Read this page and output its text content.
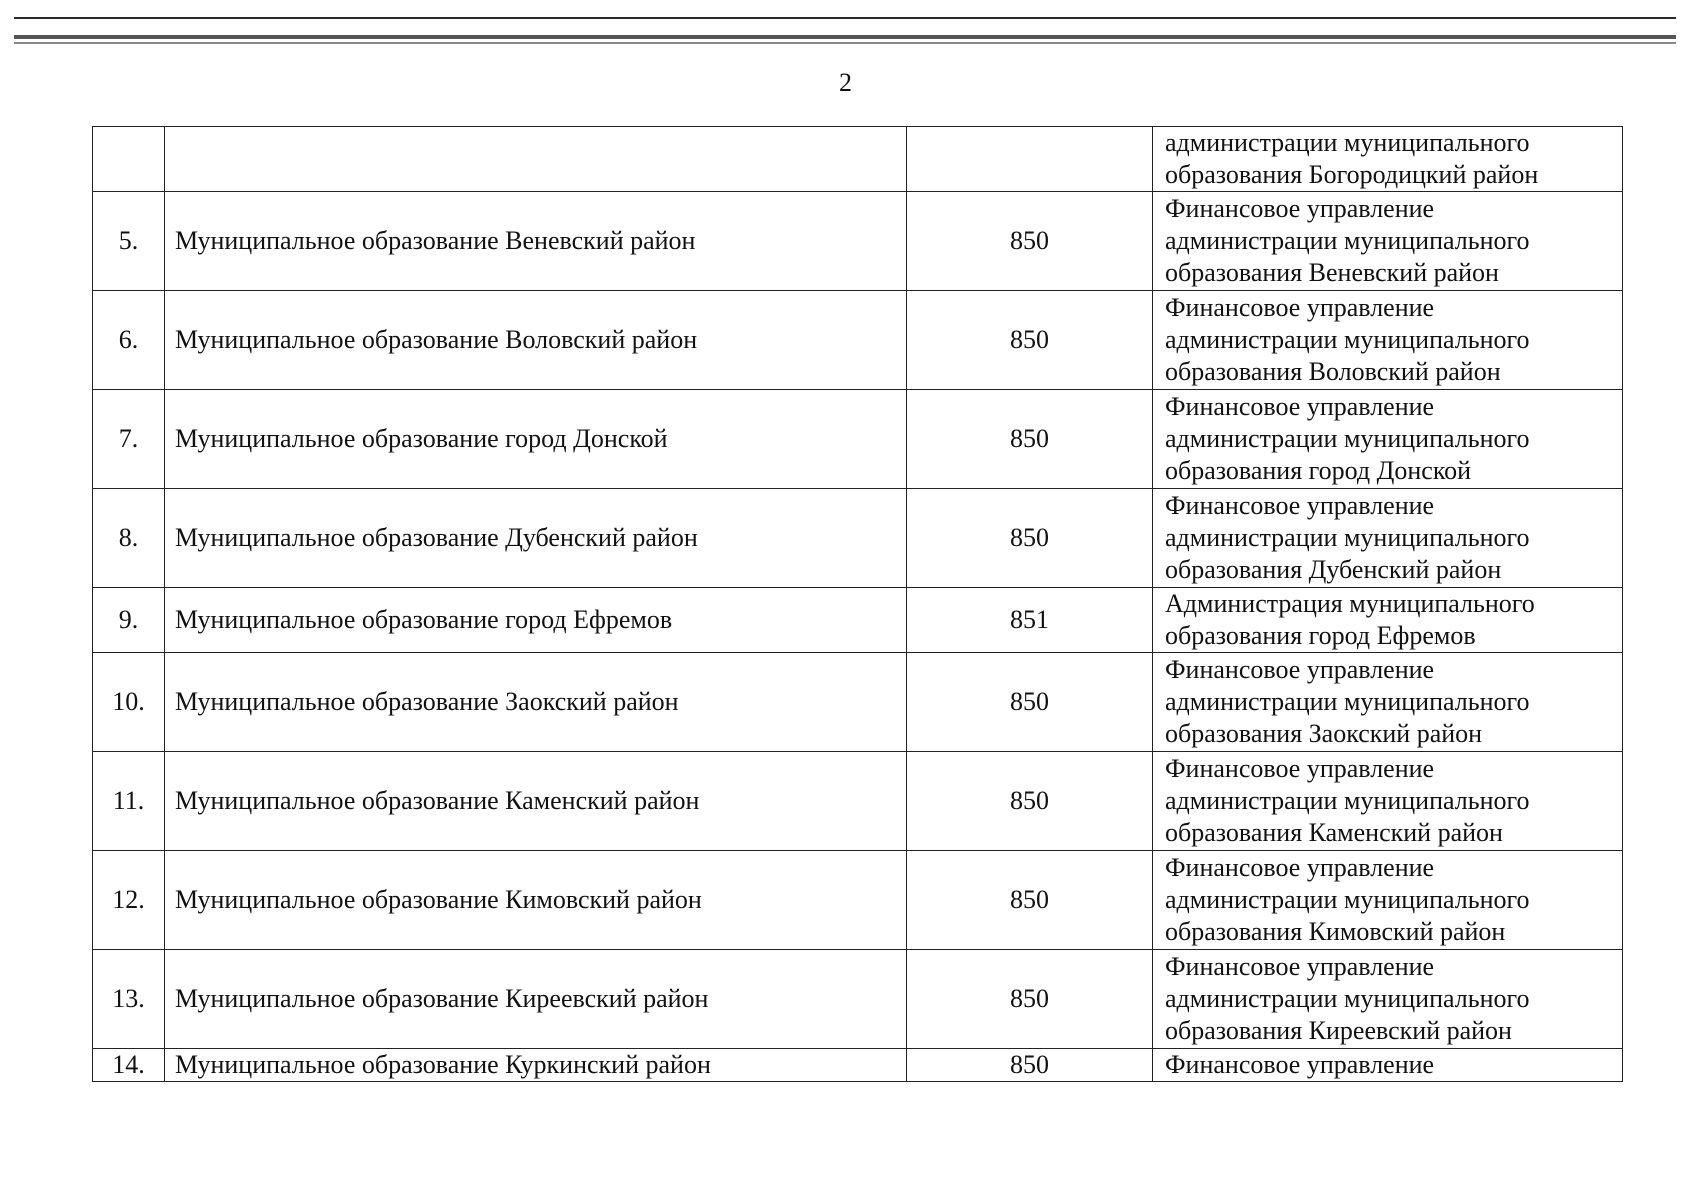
2

			администрации муниципального
образования Богородицкий район

5.	Муниципальное образование Веневский район	850	Финансовое управление
администрации муниципального
образования Веневский район

6.	Муниципальное образование Воловский район	850	Финансовое управление
администрации муниципального
образования Воловский район

7.	Муниципальное образование город Донской	850	Финансовое управление
администрации муниципального
образования город Донской

8.	Муниципальное образование Дубенский район	850	Финансовое управление
администрации муниципального
образования Дубенский район

9.	Муниципальное образование город Ефремов	851	Администрация муниципального
образования город Ефремов

10.	Муниципальное образование Заокский район	850	Финансовое управление
администрации муниципального
образования Заокский район

11.	Муниципальное образование Каменский район	850	Финансовое управление
администрации муниципального
образования Каменский район

12.	Муниципальное образование Кимовский район	850	Финансовое управление
администрации муниципального
образования Кимовский район

13.	Муниципальное образование Киреевский район	850	Финансовое управление
администрации муниципального
образования Киреевский район

14.	Муниципальное образование Куркинский район	850	Финансовое управление
